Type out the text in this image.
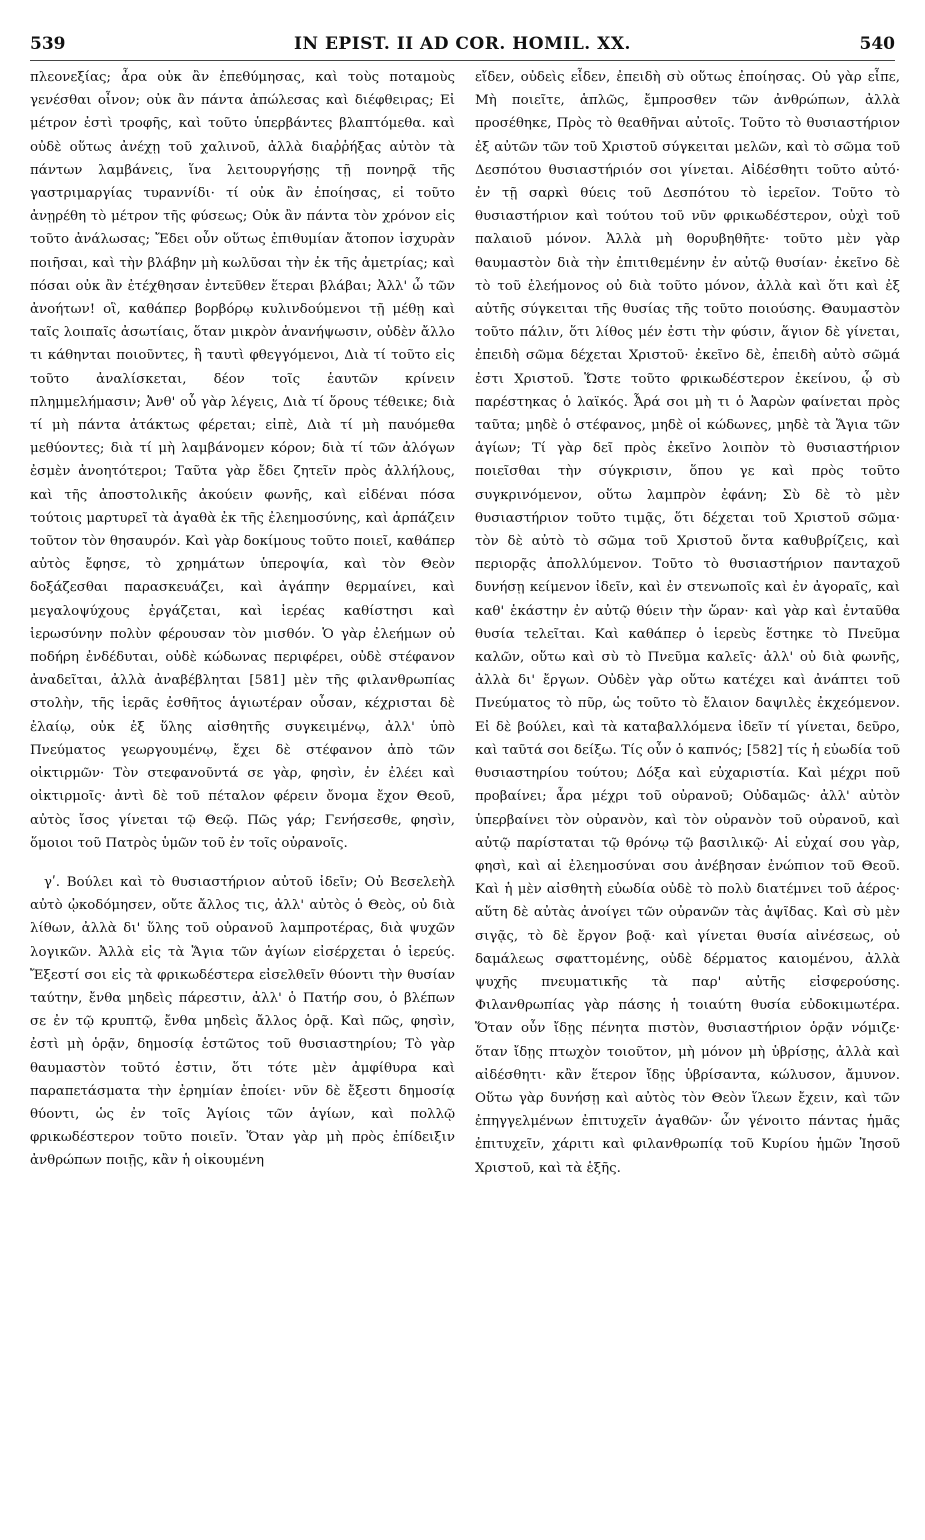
539	IN EPIST. II AD COR. HOMIL. XX.	540

πλεονεξίας; ἆρα οὐκ ἂν ἐπεθύμησας, καὶ τοὺς ποταμοὺς γενέσθαι οἶνον; οὐκ ἂν πάντα ἀπώλεσας καὶ διέφθειρας; Εἰ μέτρον ἐστὶ τροφῆς, καὶ τοῦτο ὑπερβάντες βλαπτόμεθα. καὶ οὐδὲ οὕτως ἀνέχῃ τοῦ χαλινοῦ, ἀλλὰ διαῤῥήξας αὐτὸν τὰ πάντων λαμβάνεις, ἵνα λειτουργήσῃς τῇ πονηρᾷ τῆς γαστριμαργίας τυραννίδι· τί οὐκ ἂν ἐποίησας, εἰ τοῦτο ἀνῃρέθη τὸ μέτρον τῆς φύσεως; Οὐκ ἂν πάντα τὸν χρόνον εἰς τοῦτο ἀνάλωσας; Ἔδει οὖν οὕτως ἐπιθυμίαν ἄτοπον ἰσχυρὰν ποιῆσαι, καὶ τὴν βλάβην μὴ κωλῦσαι τὴν ἐκ τῆς ἀμετρίας; καὶ πόσαι οὐκ ἂν ἐτέχθησαν ἐντεῦθεν ἕτεραι βλάβαι; Ἀλλ' ὦ τῶν ἀνοήτων! οἳ, καθάπερ βορβόρῳ κυλινδούμενοι τῇ μέθῃ καὶ ταῖς λοιπαῖς ἀσωτίαις, ὅταν μικρὸν ἀνανήψωσιν, οὐδὲν ἄλλο τι κάθηνται ποιοῦντες, ἢ ταυτὶ φθεγγόμενοι, Διὰ τί τοῦτο εἰς τοῦτο ἀναλίσκεται, δέον τοῖς ἑαυτῶν κρίνειν πλημμελήμασιν; Ἀνθ' οὗ γὰρ λέγεις, Διὰ τί ὅρους τέθεικε; διὰ τί μὴ πάντα ἀτάκτως φέρεται; εἰπὲ, Διὰ τί μὴ παυόμεθα μεθύοντες; διὰ τί μὴ λαμβάνομεν κόρον; διὰ τί τῶν ἀλόγων ἐσμὲν ἀνοητότεροι; Ταῦτα γὰρ ἔδει ζητεῖν πρὸς ἀλλήλους, καὶ τῆς ἀποστολικῆς ἀκούειν φωνῆς, καὶ εἰδέναι πόσα τούτοις μαρτυρεῖ τὰ ἀγαθὰ ἐκ τῆς ἐλεημοσύνης, καὶ ἁρπάζειν τοῦτον τὸν θησαυρόν. Καὶ γὰρ δοκίμους τοῦτο ποιεῖ, καθάπερ αὐτὸς ἔφησε, τὸ χρημάτων ὑπεροψία, καὶ τὸν Θεὸν δοξάζεσθαι παρασκευάζει, καὶ ἀγάπην θερμαίνει, καὶ μεγαλοψύχους ἐργάζεται, καὶ ἱερέας καθίστησι καὶ ἱερωσύνην πολὺν φέρουσαν τὸν μισθόν. Ὁ γὰρ ἐλεήμων οὐ ποδήρη ἐνδέδυται, οὐδὲ κώδωνας περιφέρει, οὐδὲ στέφανον ἀναδεῖται, ἀλλὰ ἀναβέβληται [581] μὲν τῆς φιλανθρωπίας στολὴν, τῆς ἱερᾶς ἐσθῆτος ἁγιωτέραν οὖσαν, κέχρισται δὲ ἐλαίῳ, οὐκ ἐξ ὕλης αἰσθητῆς συγκειμένῳ, ἀλλ' ὑπὸ Πνεύματος γεωργουμένῳ, ἔχει δὲ στέφανον ἀπὸ τῶν οἰκτιρμῶν· Τὸν στεφανοῦντά σε γὰρ, φησὶν, ἐν ἐλέει καὶ οἰκτιρμοῖς· ἀντὶ δὲ τοῦ πέταλον φέρειν ὄνομα ἔχον Θεοῦ, αὐτὸς ἴσος γίνεται τῷ Θεῷ. Πῶς γάρ; Γενήσεσθε, φησὶν, ὅμοιοι τοῦ Πατρὸς ὑμῶν τοῦ ἐν τοῖς οὐρανοῖς.

γʹ. Βούλει καὶ τὸ θυσιαστήριον αὐτοῦ ἰδεῖν; Οὐ Βεσελεὴλ αὐτὸ ᾠκοδόμησεν, οὔτε ἄλλος τις, ἀλλ' αὐτὸς ὁ Θεὸς, οὐ διὰ λίθων, ἀλλὰ δι' ὕλης τοῦ οὐρανοῦ λαμπροτέρας, διὰ ψυχῶν λογικῶν. Ἀλλὰ εἰς τὰ Ἅγια τῶν ἁγίων εἰσέρχεται ὁ ἱερεύς. Ἔξεστί σοι εἰς τὰ φρικωδέστερα εἰσελθεῖν θύοντι τὴν θυσίαν ταύτην, ἔνθα μηδεὶς πάρεστιν, ἀλλ' ὁ Πατήρ σου, ὁ βλέπων σε ἐν τῷ κρυπτῷ, ἔνθα μηδεὶς ἄλλος ὁρᾷ. Καὶ πῶς, φησὶν, ἐστὶ μὴ ὁρᾷν, δημοσίᾳ ἑστῶτος τοῦ θυσιαστηρίου; Τὸ γὰρ θαυμαστὸν τοῦτό ἐστιν, ὅτι τότε μὲν ἀμφίθυρα καὶ παραπετάσματα τὴν ἐρημίαν ἐποίει· νῦν δὲ ἔξεστι δημοσίᾳ θύοντι, ὡς ἐν τοῖς Ἁγίοις τῶν ἁγίων, καὶ πολλῷ φρικωδέστερον τοῦτο ποιεῖν. Ὅταν γὰρ μὴ πρὸς ἐπίδειξιν ἀνθρώπων ποιῇς, κἂν ἡ οἰκουμένη

εἴδεν, οὐδεὶς εἶδεν, ἐπειδὴ σὺ οὕτως ἐποίησας. Οὐ γὰρ εἶπε, Μὴ ποιεῖτε, ἁπλῶς, ἔμπροσθεν τῶν ἀνθρώπων, ἀλλὰ προσέθηκε, Πρὸς τὸ θεαθῆναι αὐτοῖς. Τοῦτο τὸ θυσιαστήριον ἐξ αὐτῶν τῶν τοῦ Χριστοῦ σύγκειται μελῶν, καὶ τὸ σῶμα τοῦ Δεσπότου θυσιαστήριόν σοι γίνεται. Αἰδέσθητι τοῦτο αὐτό· ἐν τῇ σαρκὶ θύεις τοῦ Δεσπότου τὸ ἱερεῖον. Τοῦτο τὸ θυσιαστήριον καὶ τούτου τοῦ νῦν φρικωδέστερον, οὐχὶ τοῦ παλαιοῦ μόνον. Ἀλλὰ μὴ θορυβηθῆτε· τοῦτο μὲν γὰρ θαυμαστὸν διὰ τὴν ἐπιτιθεμένην ἐν αὐτῷ θυσίαν· ἐκεῖνο δὲ τὸ τοῦ ἐλεήμονος οὐ διὰ τοῦτο μόνον, ἀλλὰ καὶ ὅτι καὶ ἐξ αὐτῆς σύγκειται τῆς θυσίας τῆς τοῦτο ποιούσης. Θαυμαστὸν τοῦτο πάλιν, ὅτι λίθος μέν ἐστι τὴν φύσιν, ἅγιον δὲ γίνεται, ἐπειδὴ σῶμα δέχεται Χριστοῦ· ἐκεῖνο δὲ, ἐπειδὴ αὐτὸ σῶμά ἐστι Χριστοῦ. Ὥστε τοῦτο φρικωδέστερον ἐκείνου, ᾧ σὺ παρέστηκας ὁ λαϊκός. Ἆρά σοι μὴ τι ὁ Ἀαρὼν φαίνεται πρὸς ταῦτα; μηδὲ ὁ στέφανος, μηδὲ οἱ κώδωνες, μηδὲ τὰ Ἅγια τῶν ἁγίων; Τί γὰρ δεῖ πρὸς ἐκεῖνο λοιπὸν τὸ θυσιαστήριον ποιεῖσθαι τὴν σύγκρισιν, ὅπου γε καὶ πρὸς τοῦτο συγκρινόμενον, οὕτω λαμπρὸν ἐφάνη; Σὺ δὲ τὸ μὲν θυσιαστήριον τοῦτο τιμᾷς, ὅτι δέχεται τοῦ Χριστοῦ σῶμα· τὸν δὲ αὐτὸ τὸ σῶμα τοῦ Χριστοῦ ὄντα καθυβρίζεις, καὶ περιορᾷς ἀπολλύμενον. Τοῦτο τὸ θυσιαστήριον πανταχοῦ δυνήσῃ κείμενον ἰδεῖν, καὶ ἐν στενωποῖς καὶ ἐν ἀγοραῖς, καὶ καθ' ἑκάστην ἐν αὐτῷ θύειν τὴν ὥραν· καὶ γὰρ καὶ ἐνταῦθα θυσία τελεῖται. Καὶ καθάπερ ὁ ἱερεὺς ἕστηκε τὸ Πνεῦμα καλῶν, οὕτω καὶ σὺ τὸ Πνεῦμα καλεῖς· ἀλλ' οὐ διὰ φωνῆς, ἀλλὰ δι' ἔργων. Οὐδὲν γὰρ οὕτω κατέχει καὶ ἀνάπτει τοῦ Πνεύματος τὸ πῦρ, ὡς τοῦτο τὸ ἔλαιον δαψιλὲς ἐκχεόμενον. Εἰ δὲ βούλει, καὶ τὰ καταβαλλόμενα ἰδεῖν τί γίνεται, δεῦρο, καὶ ταῦτά σοι δείξω. Τίς οὖν ὁ καπνός; [582] τίς ἡ εὐωδία τοῦ θυσιαστηρίου τούτου; Δόξα καὶ εὐχαριστία. Καὶ μέχρι ποῦ προβαίνει; ἆρα μέχρι τοῦ οὐρανοῦ; Οὐδαμῶς· ἀλλ' αὐτὸν ὑπερβαίνει τὸν οὐρανὸν, καὶ τὸν οὐρανὸν τοῦ οὐρανοῦ, καὶ αὐτῷ παρίσταται τῷ θρόνῳ τῷ βασιλικῷ· Αἱ εὐχαί σου γὰρ, φησὶ, καὶ αἱ ἐλεημοσύναι σου ἀνέβησαν ἐνώπιον τοῦ Θεοῦ. Καὶ ἡ μὲν αἰσθητὴ εὐωδία οὐδὲ τὸ πολὺ διατέμνει τοῦ ἀέρος· αὕτη δὲ αὐτὰς ἀνοίγει τῶν οὐρανῶν τὰς ἁψῖδας. Καὶ σὺ μὲν σιγᾷς, τὸ δὲ ἔργον βοᾷ· καὶ γίνεται θυσία αἰνέσεως, οὐ δαμάλεως σφαττομένης, οὐδὲ δέρματος καιομένου, ἀλλὰ ψυχῆς πνευματικῆς τὰ παρ' αὐτῆς εἰσφερούσης. Φιλανθρωπίας γὰρ πάσης ἡ τοιαύτη θυσία εὐδοκιμωτέρα. Ὅταν οὖν ἴδῃς πένητα πιστὸν, θυσιαστήριον ὁρᾷν νόμιζε· ὅταν ἴδῃς πτωχὸν τοιοῦτον, μὴ μόνον μὴ ὑβρίσῃς, ἀλλὰ καὶ αἰδέσθητι· κἂν ἕτερον ἴδῃς ὑβρίσαντα, κώλυσον, ἄμυνον. Οὕτω γὰρ δυνήσῃ καὶ αὐτὸς τὸν Θεὸν ἵλεων ἔχειν, καὶ τῶν ἐπηγγελμένων ἐπιτυχεῖν ἀγαθῶν· ὧν γένοιτο πάντας ἡμᾶς ἐπιτυχεῖν, χάριτι καὶ φιλανθρωπίᾳ τοῦ Κυρίου ἡμῶν Ἰησοῦ Χριστοῦ, καὶ τὰ ἑξῆς.
